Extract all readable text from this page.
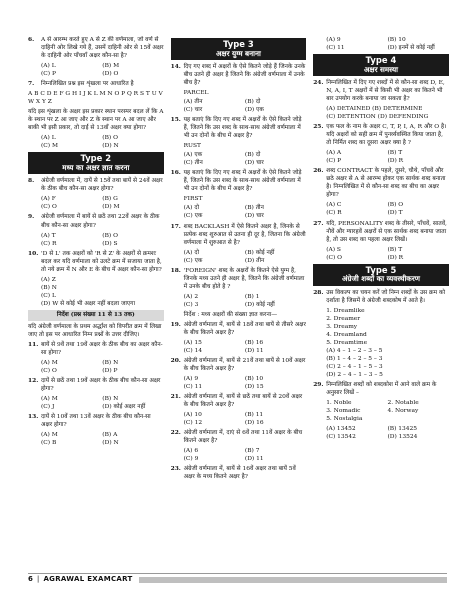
6.	A से आरम्भ करते हुए A से Z की वर्णमाला, जो वर्ण से दाहिनी ओर लिखे गये हैं, उसमें दाहिनी ओर से 15वें अक्षर के दाहिनी ओर पाँचवाँ अक्षर कौन-सा है?
(A) L	(B) M
(C) P	(D) O
7.	निम्नलिखित प्रश्न इस शृंखला पर आधारित है
A B C D E F G H I J K L M N O P Q R S T U V W X Y Z
यदि इस शृंखला के अक्षर इस प्रकार स्थान परस्पर बदल लें कि A के स्थान पर Z आ जाए और Z के स्थान पर A आ जाए और बाकी भी इसी प्रकार, तो दाईं से 13वाँ अक्षर क्या होगा?
(A) L	(B) O
(C) M	(D) N
Type 2
मध्य का अक्षर ज्ञात करना
8.	अंग्रेजी वर्णमाला में, दायें से 15वें तथा बायें से 24वें अक्षर के ठीक बीच कौन-सा अक्षर होगा?
(A) F	(B) G
(C) O	(D) M
9.	अंग्रेजी वर्णमाला में बायें से छठें तथा 22वें अक्षर के ठीक बीच कौन-सा अक्षर होगा?
(A) T	(B) O
(C) R	(D) S
10. 'D से L' तक अक्षरों को 'R से Z' के अक्षरों से क्रमशः बदल कर यदि वर्णमाला को उलटे क्रम में सजाया जाता है, तो नये क्रम में N और E के बीच में अक्षर कौन-सा होगा?
(A) Z
(B) N
(C) L
(D) W से कोई भी अक्षर नहीं बदला जाएगा
निर्देश (प्रश्न संख्या 11 से 13 तक)
यदि अंग्रेजी वर्णमाला के प्रथम अर्द्धांश को विपरीत क्रम में लिखा जाए तो इस पर आधारित निम्न प्रश्नों के उत्तर दीजिए।
11. बायें से 9वें तथा 19वें अक्षर के ठीक बीच का अक्षर कौन-सा होगा?
(A) M	(B) N
(C) O	(D) P
12. दायें से छठें तथा 19वें अक्षर के ठीक बीच कौन-सा अक्षर होगा?
(A) M	(B) N
(C) J	(D) कोई अक्षर नहीं
13. दायें से 10वें तथा 13वें अक्षर के ठीक बीच कौन-सा अक्षर होगा?
(A) M	(B) A
(C) B	(D) N
Type 3
अक्षर युग्म बनाना
14. दिए गए शब्द में अक्षरों के ऐसे कितने जोड़े हैं जिनके उनके बीच उतने ही अक्षर है जितने कि अंग्रेजी वर्णमाला में उनके बीच है?
PARCEL
(A) तीन	(B) दो
(C) चार	(D) एक
15. यह बताएं कि दिए गए शब्द में अक्षरों के ऐसे कितने जोड़े हैं, जितने कि उस शब्द के साथ-साथ अंग्रेजी वर्णमाला में भी उन दोनों के बीच में अक्षर है?
RUST
(A) एक	(B) दो
(C) तीन	(D) चार
16. यह बताएं कि दिए गए शब्द में अक्षरों के ऐसे कितने जोड़े हैं, जितने कि उस शब्द के साथ-साथ अंग्रेजी वर्णमाला में भी उन दोनों के बीच में अक्षर है?
FIRST
(A) दो	(B) तीन
(C) एक	(D) चार
17. शब्द BACKLASH में ऐसे कितने अक्षर है, जिनके से प्रत्येक शब्द शुरुआत से उतना ही दूर है, जितना कि अंग्रेजी वर्णमाला में शुरुआत से है?
(A) दो	(B) कोई नहीं
(C) एक	(D) तीन
18. 'FOREIGN' शब्द के अक्षरों के कितने ऐसे युग्म है, जिनके मध्य उतने ही अक्षर है, जितने कि अंग्रेजी वर्णमाला में उनके बीच होते है ?
(A) 2	(B) 1
(C) 3	(D) कोई नहीं
निर्देश : मध्य अक्षरों की संख्या ज्ञात करना—
19. अंग्रेजी वर्णमाला में, बायें से 18वें तथा बायें से तीसरे अक्षर के बीच कितने अक्षर है?
(A) 15	(B) 16
(C) 14	(D) 11
20. अंग्रेजी वर्णमाला में, बायें से 21वें तथा बायें से 10वें अक्षर के बीच कितने अक्षर है?
(A) 9	(B) 10
(C) 11	(D) 15
21. अंग्रेजी वर्णमाला में, बायें से छठें तथा बायें से 20वें अक्षर के बीच कितने अक्षर है?
(A) 10	(B) 11
(C) 12	(D) 16
22. अंग्रेजी वर्णमाला में, दाएं से 6वें तथा 11वें अक्षर के बीच कितने अक्षर है?
(A) 6	(B) 7
(C) 9	(D) 11
23. अंग्रेजी वर्णमाला में, बायें से 16वें अक्षर तथा बायें 5वें अक्षर के मध्य कितने अक्षर है?
(A) 9	(B) 10
(C) 11	(D) इनमें से कोई नहीं
Type 4
अक्षर समस्या
24. निम्नलिखित में दिए गए शब्दों में से कौन-सा शब्द D, E, N, A, I, T अक्षरों में से किसी भी अक्षर का कितने भी बार उपयोग करके बनाया जा सकता है?
(A) DETAINED (B) DETERMINE
(C) DETENTION (D) DEFENDING
25. एक फल के नाम के अक्षर C, T, P, I, A, R और O है। यदि अक्षरों को सही क्रम में पुनर्व्यवस्थित किया जाता है, तो निर्मित शब्द का दूसरा अक्षर क्या है ?
(A) A	(B) T
(C) P	(D) R
26. शब्द CONTRACT के पहले, दूसरे, चौथे, पाँचवें और छठे अक्षर से A से आरम्भ होकर एक सार्थक शब्द बनाता है। निम्नलिखित में से कौन-सा शब्द का बीच का अक्षर होगा?
(A) C	(B) O
(C) R	(D) T
27. यदि, PERSONALITY शब्द के तीसरे, पाँचवें, सातवें, नौवें और ग्यारहवें अक्षरों से एक सार्थक शब्द बनाया जाता है, तो उस शब्द का पहला अक्षर लिखें।
(A) S	(B) T
(C) O	(D) R
Type 5
अंग्रेजी शब्दों का व्यवस्थीकरण
28. उस विकल्प का चयन करें जो निम्न शब्दों के उस क्रम को दर्शाता है जिसमें वे अंग्रेजी शब्दकोष में आते है।
1. Dreamlike
2. Dreamer
3. Dreamy
4. Dreamland
5. Dreamtime
(A) 4 – 1 – 2 – 3 – 5
(B) 1 – 4 – 2 – 5 – 3
(C) 2 – 4 – 1 – 5 – 3
(D) 2 – 4 – 1 – 3 – 5
29. निम्नलिखित शब्दों को शब्दकोश में आने वाले क्रम के अनुसार लिखें –
1. Noble	2. Notable
3. Nomadic	4. Norway
5. Nostalgia
(A) 13452	(B) 13425
(C) 13542	(D) 13524
6 | AGRAWAL EXAMCART
